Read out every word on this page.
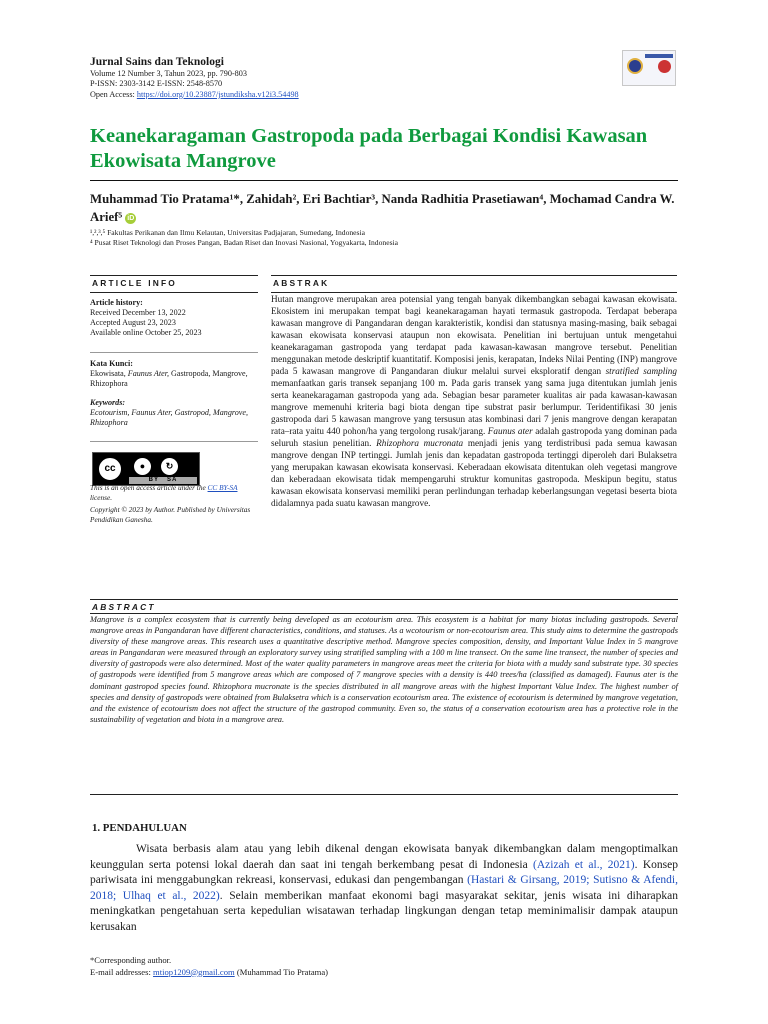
Jurnal Sains dan Teknologi
Volume 12 Number 3, Tahun 2023, pp. 790-803
P-ISSN: 2303-3142 E-ISSN: 2548-8570
Open Access: https://doi.org/10.23887/jstundiksha.v12i3.54498
Keanekaragaman Gastropoda pada Berbagai Kondisi Kawasan Ekowisata Mangrove
Muhammad Tio Pratama¹*, Zahidah², Eri Bachtiar³, Nanda Radhitia Prasetiawan⁴, Mochamad Candra W. Arief⁵ iD
¹,²,³,⁵ Fakultas Perikanan dan Ilmu Kelautan, Universitas Padjajaran, Sumedang, Indonesia
⁴ Pusat Riset Teknologi dan Proses Pangan, Badan Riset dan Inovasi Nasional, Yogyakarta, Indonesia
ARTICLE INFO
Article history:
Received December 13, 2022
Accepted August 23, 2023
Available online October 25, 2023
Kata Kunci:
Ekowisata, Faunus Ater, Gastropoda, Mangrove, Rhizophora
Keywords:
Ecotourism, Faunus Ater, Gastropod, Mangrove, Rhizophora
cc	●	↻
BY SA
This is an open access article under the CC BY-SA license.
Copyright © 2023 by Author. Published by Universitas Pendidikan Ganesha.
ABSTRAK
Hutan mangrove merupakan area potensial yang tengah banyak dikembangkan sebagai kawasan ekowisata. Ekosistem ini merupakan tempat bagi keanekaragaman hayati termasuk gastropoda. Terdapat beberapa kawasan mangrove di Pangandaran dengan karakteristik, kondisi dan statusnya masing-masing, baik sebagai kawasan ekowisata konservasi ataupun non ekowisata. Penelitian ini bertujuan untuk mengetahui keanekaragaman gastropoda yang terdapat pada kawasan-kawasan mangrove tersebut. Penelitian menggunakan metode deskriptif kuantitatif. Komposisi jenis, kerapatan, Indeks Nilai Penting (INP) mangrove pada 5 kawasan mangrove di Pangandaran diukur melalui survei eksploratif dengan stratified sampling memanfaatkan garis transek sepanjang 100 m. Pada garis transek yang sama juga ditentukan jumlah jenis serta keanekaragaman gastropoda yang ada. Sebagian besar parameter kualitas air pada kawasan-kawasan mangrove memenuhi kriteria bagi biota dengan tipe substrat pasir berlumpur. Teridentifikasi 30 jenis gastropoda dari 5 kawasan mangrove yang tersusun atas kombinasi dari 7 jenis mangrove dengan kerapatan rata–rata yaitu 440 pohon/ha yang tergolong rusak/jarang. Faunus ater adalah gastropoda yang dominan pada seluruh stasiun penelitian. Rhizophora mucronata menjadi jenis yang terdistribusi pada semua kawasan mangrove dengan INP tertinggi. Jumlah jenis dan kepadatan gastropoda tertinggi diperoleh dari Bulaksetra yang merupakan kawasan ekowisata konservasi. Keberadaan ekowisata ditentukan oleh vegetasi mangrove dan keberadaan ekowisata tidak mempengaruhi struktur komunitas gastropoda. Meskipun begitu, status kawasan ekowisata konservasi memiliki peran perlindungan terhadap keberlangsungan vegetasi beserta biota didalamnya pada suatu kawasan mangrove.
ABSTRACT
Mangrove is a complex ecosystem that is currently being developed as an ecotourism area. This ecosystem is a habitat for many biotas including gastropods. Several mangrove areas in Pangandaran have different characteristics, conditions, and statuses. As a wcotourism or non-ecotourism area. This study aims to determine the gastropods diversity of these mangrove areas. This research uses a quantitative descriptive method. Mangrove species composition, density, and Important Value Index in 5 mangrove areas in Pangandaran were measured through an exploratory survey using stratified sampling with a 100 m line transect. On the same line transect, the number of species and diversity of gastropods were also determined. Most of the water quality parameters in mangrove areas meet the criteria for biota with a muddy sand substrate type. 30 species of gastropods were identified from 5 mangrove areas which are composed of 7 mangrove species with a density is 440 trees/ha (classified as damaged). Faunus ater is the dominant gastropod species found. Rhizophora mucronate is the species distributed in all mangrove areas with the highest Important Value Index. The highest number of species and density of gastropods were obtained from Bulaksetra which is a conservation ecotourism area. The existence of ecotourism is determined by mangrove vegetation, and the existence of ecotourism does not affect the structure of the gastropod community. Even so, the status of a conservation ecotourism area has a protective role in the sustainability of vegetation and biota in a mangrove area.
1. PENDAHULUAN
Wisata berbasis alam atau yang lebih dikenal dengan ekowisata banyak dikembangkan dalam mengoptimalkan keunggulan serta potensi lokal daerah dan saat ini tengah berkembang pesat di Indonesia (Azizah et al., 2021). Konsep pariwisata ini menggabungkan rekreasi, konservasi, edukasi dan pengembangan (Hastari & Girsang, 2019; Sutisno & Afendi, 2018; Ulhaq et al., 2022). Selain memberikan manfaat ekonomi bagi masyarakat sekitar, jenis wisata ini diharapkan meningkatkan pengetahuan serta kepedulian wisatawan terhadap lingkungan dengan tetap meminimalisir dampak ataupun kerusakan
*Corresponding author.
E-mail addresses: mtiop1209@gmail.com (Muhammad Tio Pratama)
